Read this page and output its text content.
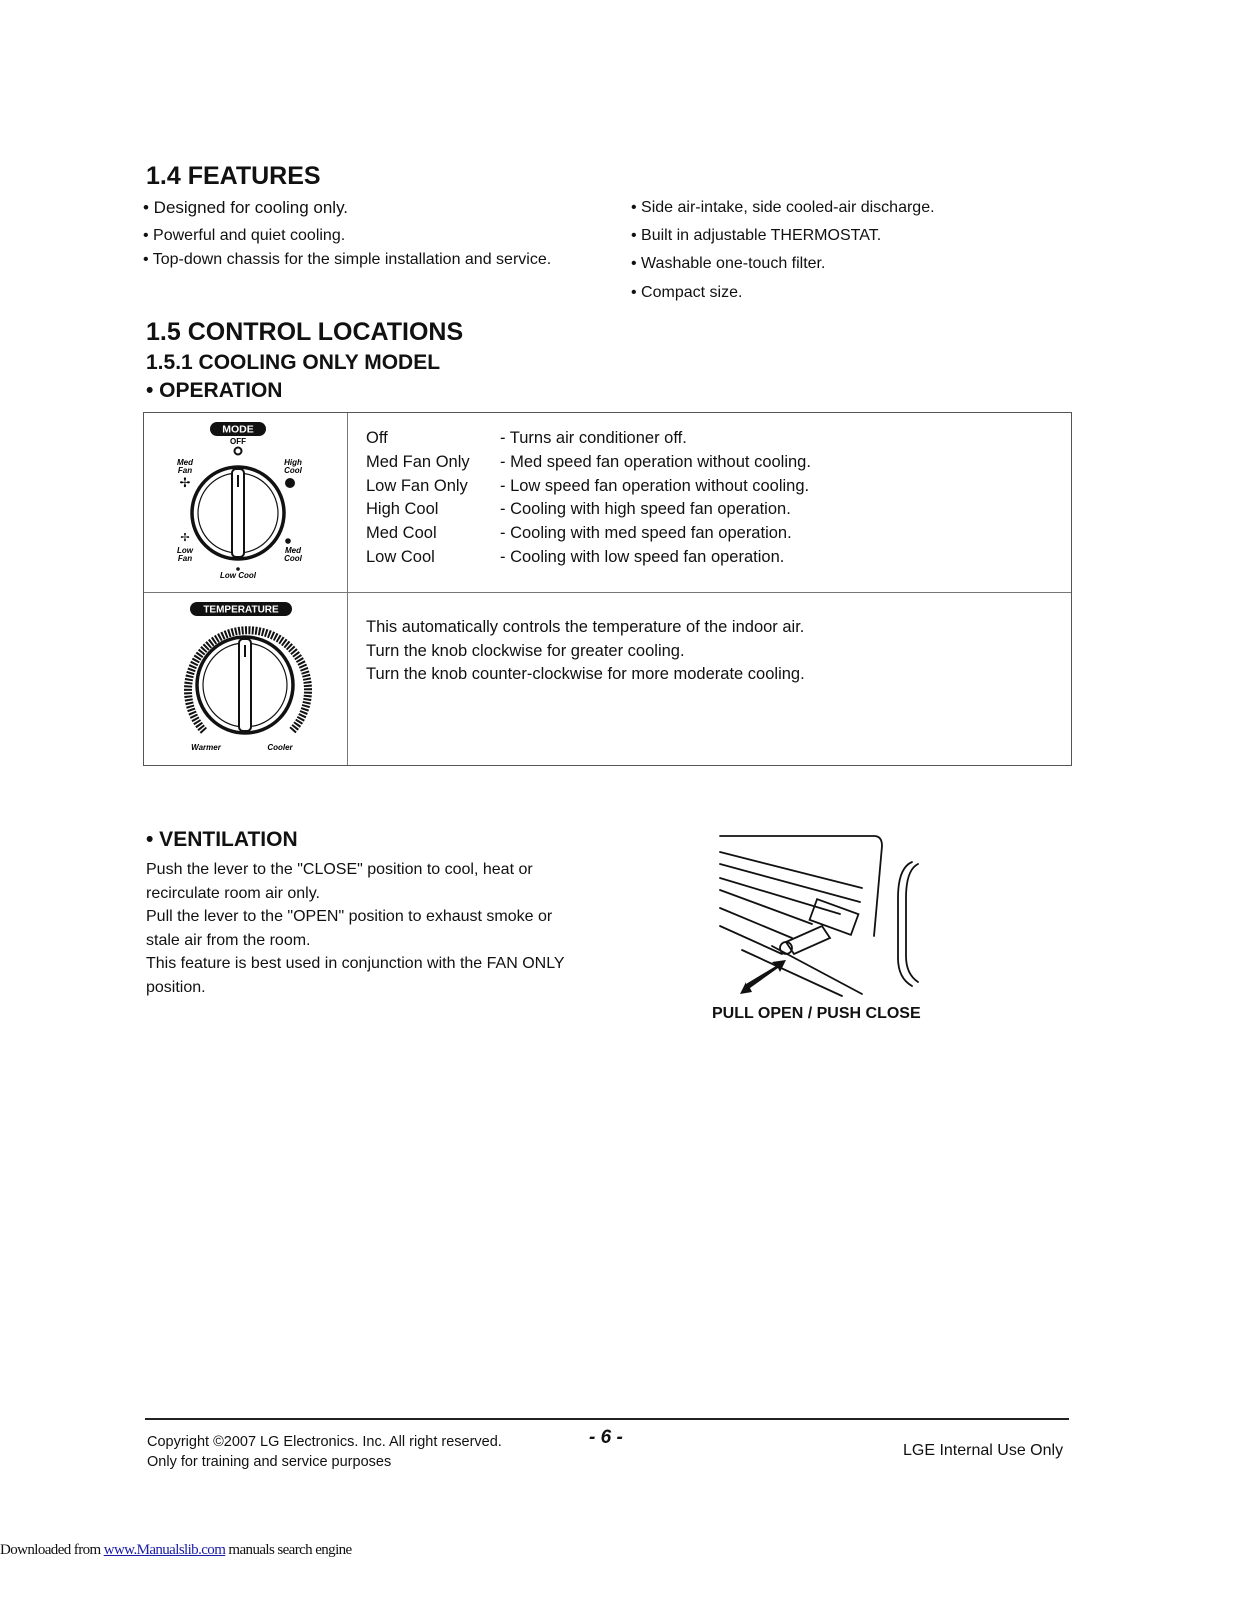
1.4 FEATURES
• Designed for cooling only.
• Powerful and quiet cooling.
• Top-down chassis for the simple installation and service.
• Side air-intake, side cooled-air discharge.
• Built in adjustable THERMOSTAT.
• Washable one-touch filter.
• Compact size.
1.5 CONTROL LOCATIONS
1.5.1 COOLING ONLY MODEL
• OPERATION
MODE
OFF
Med
Fan
✢
High
Cool
✢
Low
Fan
Med
Cool
Low Cool
Off	- Turns air conditioner off.
Med Fan Only - Med speed fan operation without cooling.
Low Fan Only - Low speed fan operation without cooling.
High Cool	- Cooling with high speed fan operation.
Med Cool	- Cooling with med speed fan operation.
Low Cool	- Cooling with low speed fan operation.
TEMPERATURE
Warmer	Cooler
This automatically controls the temperature of the indoor air.
Turn the knob clockwise for greater cooling.
Turn the knob counter-clockwise for more moderate cooling.
• VENTILATION
Push the lever to the "CLOSE" position to cool, heat or
recirculate room air only.
Pull the lever to the "OPEN" position to exhaust smoke or
stale air from the room.
This feature is best used in conjunction with the FAN ONLY
position.
PULL OPEN / PUSH CLOSE
Copyright ©2007 LG Electronics. Inc. All right reserved.
Only for training and service purposes
- 6 -
LGE Internal Use Only
Downloaded from www.Manualslib.com manuals search engine
